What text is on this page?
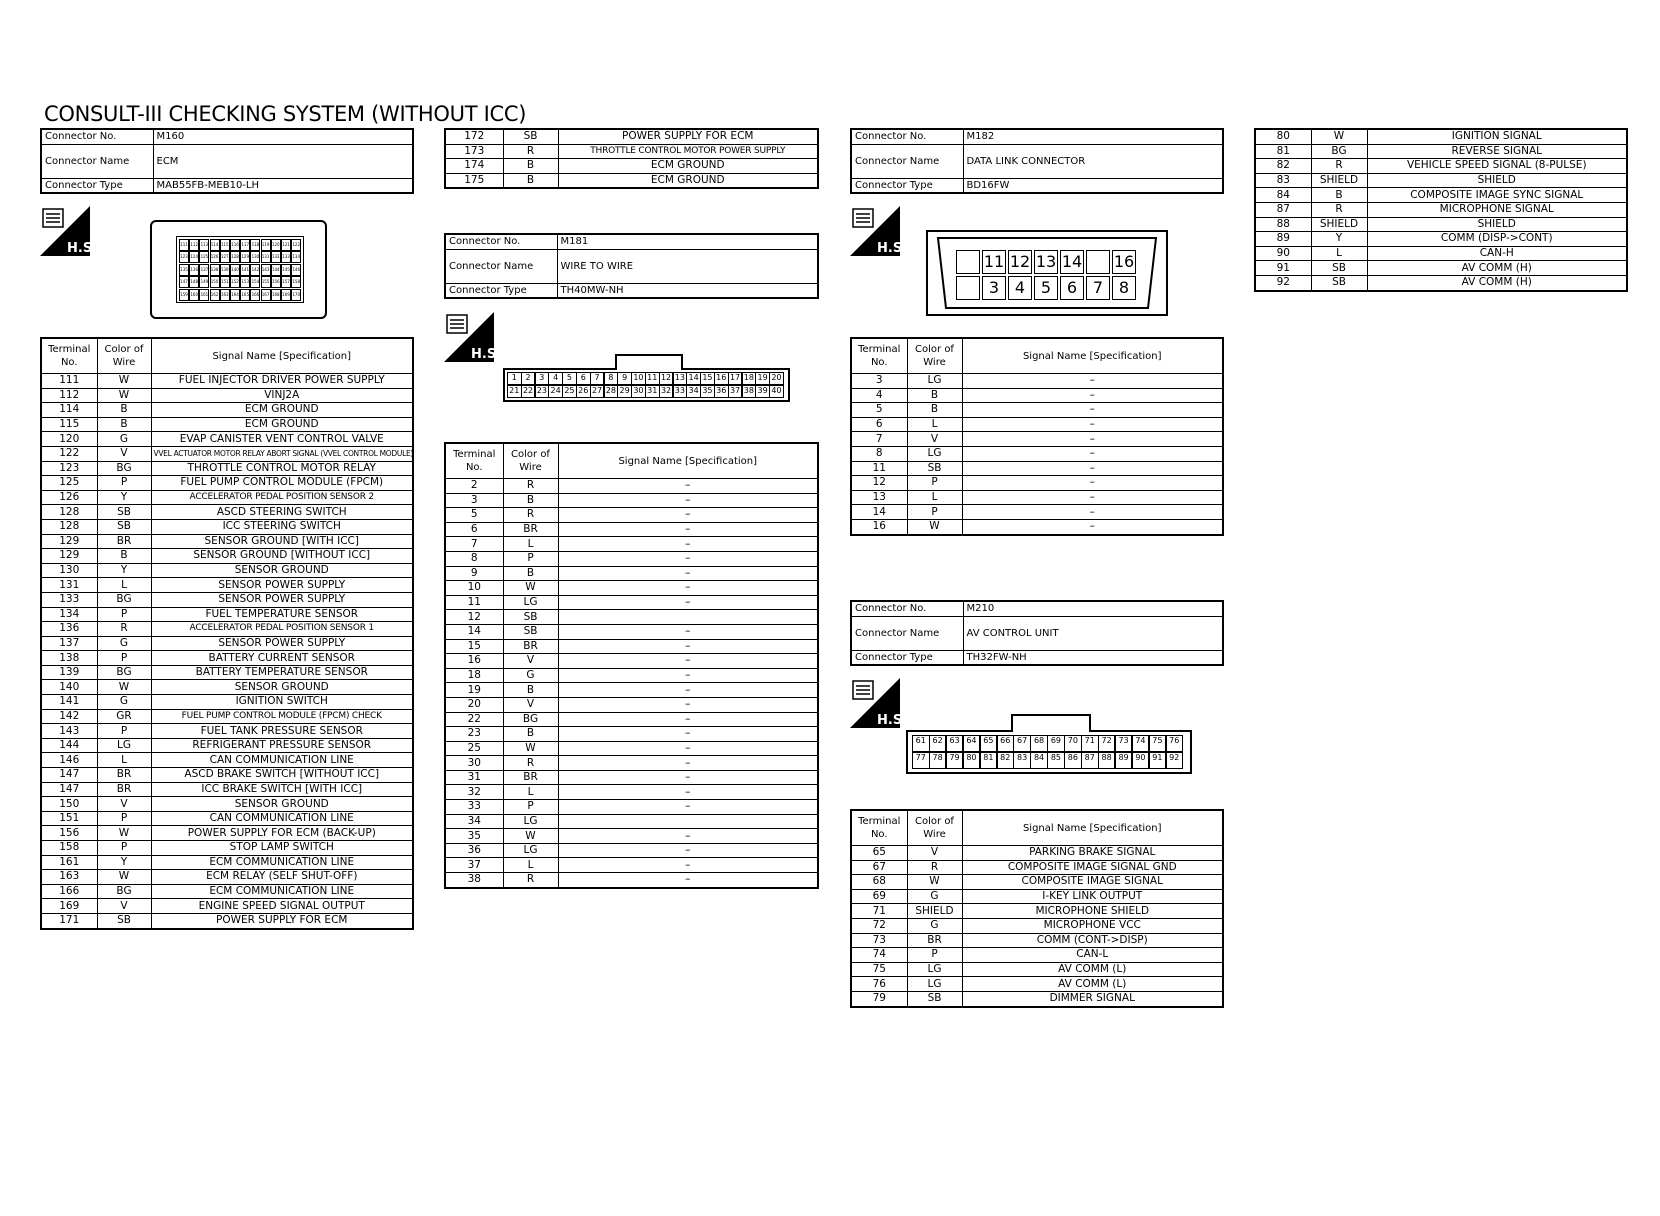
CONSULT-III CHECKING SYSTEM (WITHOUT ICC)
Connector No.	M160
Connector Name	ECM
Connector Type	MAB55FB-MEB10-LH
H.S.	111 112 113 114 115 116 117 118 119 120 121 122
123 124 125 126 127 128 129 130 131 132 133 134
135 136 137 138 139 140 141 142 143 144 145 146
147 148 149 150 151 152 153 154 155 156 157 158
159 160 161 162 163 164 165 166 167 168 169 170
Terminal No.	Color of Wire	Signal Name [Specification]
111	W	FUEL INJECTOR DRIVER POWER SUPPLY
112	W	VINJ2A
114	B	ECM GROUND
115	B	ECM GROUND
120	G	EVAP CANISTER VENT CONTROL VALVE
122	V	VVEL ACTUATOR MOTOR RELAY ABORT SIGNAL (VVEL CONTROL MODULE)
123	BG	THROTTLE CONTROL MOTOR RELAY
125	P	FUEL PUMP CONTROL MODULE (FPCM)
126	Y	ACCELERATOR PEDAL POSITION SENSOR 2
128	SB	ASCD STEERING SWITCH
128	SB	ICC STEERING SWITCH
129	BR	SENSOR GROUND [WITH ICC]
129	B	SENSOR GROUND [WITHOUT ICC]
130	Y	SENSOR GROUND
131	L	SENSOR POWER SUPPLY
133	BG	SENSOR POWER SUPPLY
134	P	FUEL TEMPERATURE SENSOR
136	R	ACCELERATOR PEDAL POSITION SENSOR 1
137	G	SENSOR POWER SUPPLY
138	P	BATTERY CURRENT SENSOR
139	BG	BATTERY TEMPERATURE SENSOR
140	W	SENSOR GROUND
141	G	IGNITION SWITCH
142	GR	FUEL PUMP CONTROL MODULE (FPCM) CHECK
143	P	FUEL TANK PRESSURE SENSOR
144	LG	REFRIGERANT PRESSURE SENSOR
146	L	CAN COMMUNICATION LINE
147	BR	ASCD BRAKE SWITCH [WITHOUT ICC]
147	BR	ICC BRAKE SWITCH [WITH ICC]
150	V	SENSOR GROUND
151	P	CAN COMMUNICATION LINE
156	W	POWER SUPPLY FOR ECM (BACK-UP)
158	P	STOP LAMP SWITCH
161	Y	ECM COMMUNICATION LINE
163	W	ECM RELAY (SELF SHUT-OFF)
166	BG	ECM COMMUNICATION LINE
169	V	ENGINE SPEED SIGNAL OUTPUT
171	SB	POWER SUPPLY FOR ECM
172	SB	POWER SUPPLY FOR ECM
173	R	THROTTLE CONTROL MOTOR POWER SUPPLY
174	B	ECM GROUND
175	B	ECM GROUND
Connector No.	M181
Connector Name	WIRE TO WIRE
Connector Type	TH40MW-NH
H.S.
1	2	3	4	5	6	7	8	9 10 11 12 13 14 15 16 17 18 19 20
21 22 23 24 25 26 27 28 29 30 31 32 33 34 35 36 37 38 39 40
Terminal No.	Color of Wire	Signal Name [Specification]
2	R	–
3	B	–
5	R	–
6	BR	–
7	L	–
8	P	–
9	B	–
10	W	–
11	LG	–
12	SB	
14	SB	–
15	BR	–
16	V	–
18	G	–
19	B	–
20	V	–
22	BG	–
23	B	–
25	W	–
30	R	–
31	BR	–
32	L	–
33	P	–
34	LG	
35	W	–
36	LG	–
37	L	–
38	R	–
Connector No.	M182
Connector Name	DATA LINK CONNECTOR
Connector Type	BD16FW
H.S.
11 12 13 14 16
3 4 5 6 7 8
Terminal No.	Color of Wire	Signal Name [Specification]
3	LG	–
4	B	–
5	B	–
6	L	–
7	V	–
8	LG	–
11	SB	–
12	P	–
13	L	–
14	P	–
16	W	–
Connector No.	M210
Connector Name	AV CONTROL UNIT
Connector Type	TH32FW-NH
H.S.
61 62 63 64 65 66 67 68 69 70 71 72 73 74 75 76
77 78 79 80 81 82 83 84 85 86 87 88 89 90 91 92
Terminal No.	Color of Wire	Signal Name [Specification]
65	V	PARKING BRAKE SIGNAL
67	R	COMPOSITE IMAGE SIGNAL GND
68	W	COMPOSITE IMAGE SIGNAL
69	G	I-KEY LINK OUTPUT
71	SHIELD	MICROPHONE SHIELD
72	G	MICROPHONE VCC
73	BR	COMM (CONT->DISP)
74	P	CAN-L
75	LG	AV COMM (L)
76	LG	AV COMM (L)
79	SB	DIMMER SIGNAL
80	W	IGNITION SIGNAL
81	BG	REVERSE SIGNAL
82	R	VEHICLE SPEED SIGNAL (8-PULSE)
83	SHIELD	SHIELD
84	B	COMPOSITE IMAGE SYNC SIGNAL
87	R	MICROPHONE SIGNAL
88	SHIELD	SHIELD
89	Y	COMM (DISP->CONT)
90	L	CAN-H
91	SB	AV COMM (H)
92	SB	AV COMM (H)
